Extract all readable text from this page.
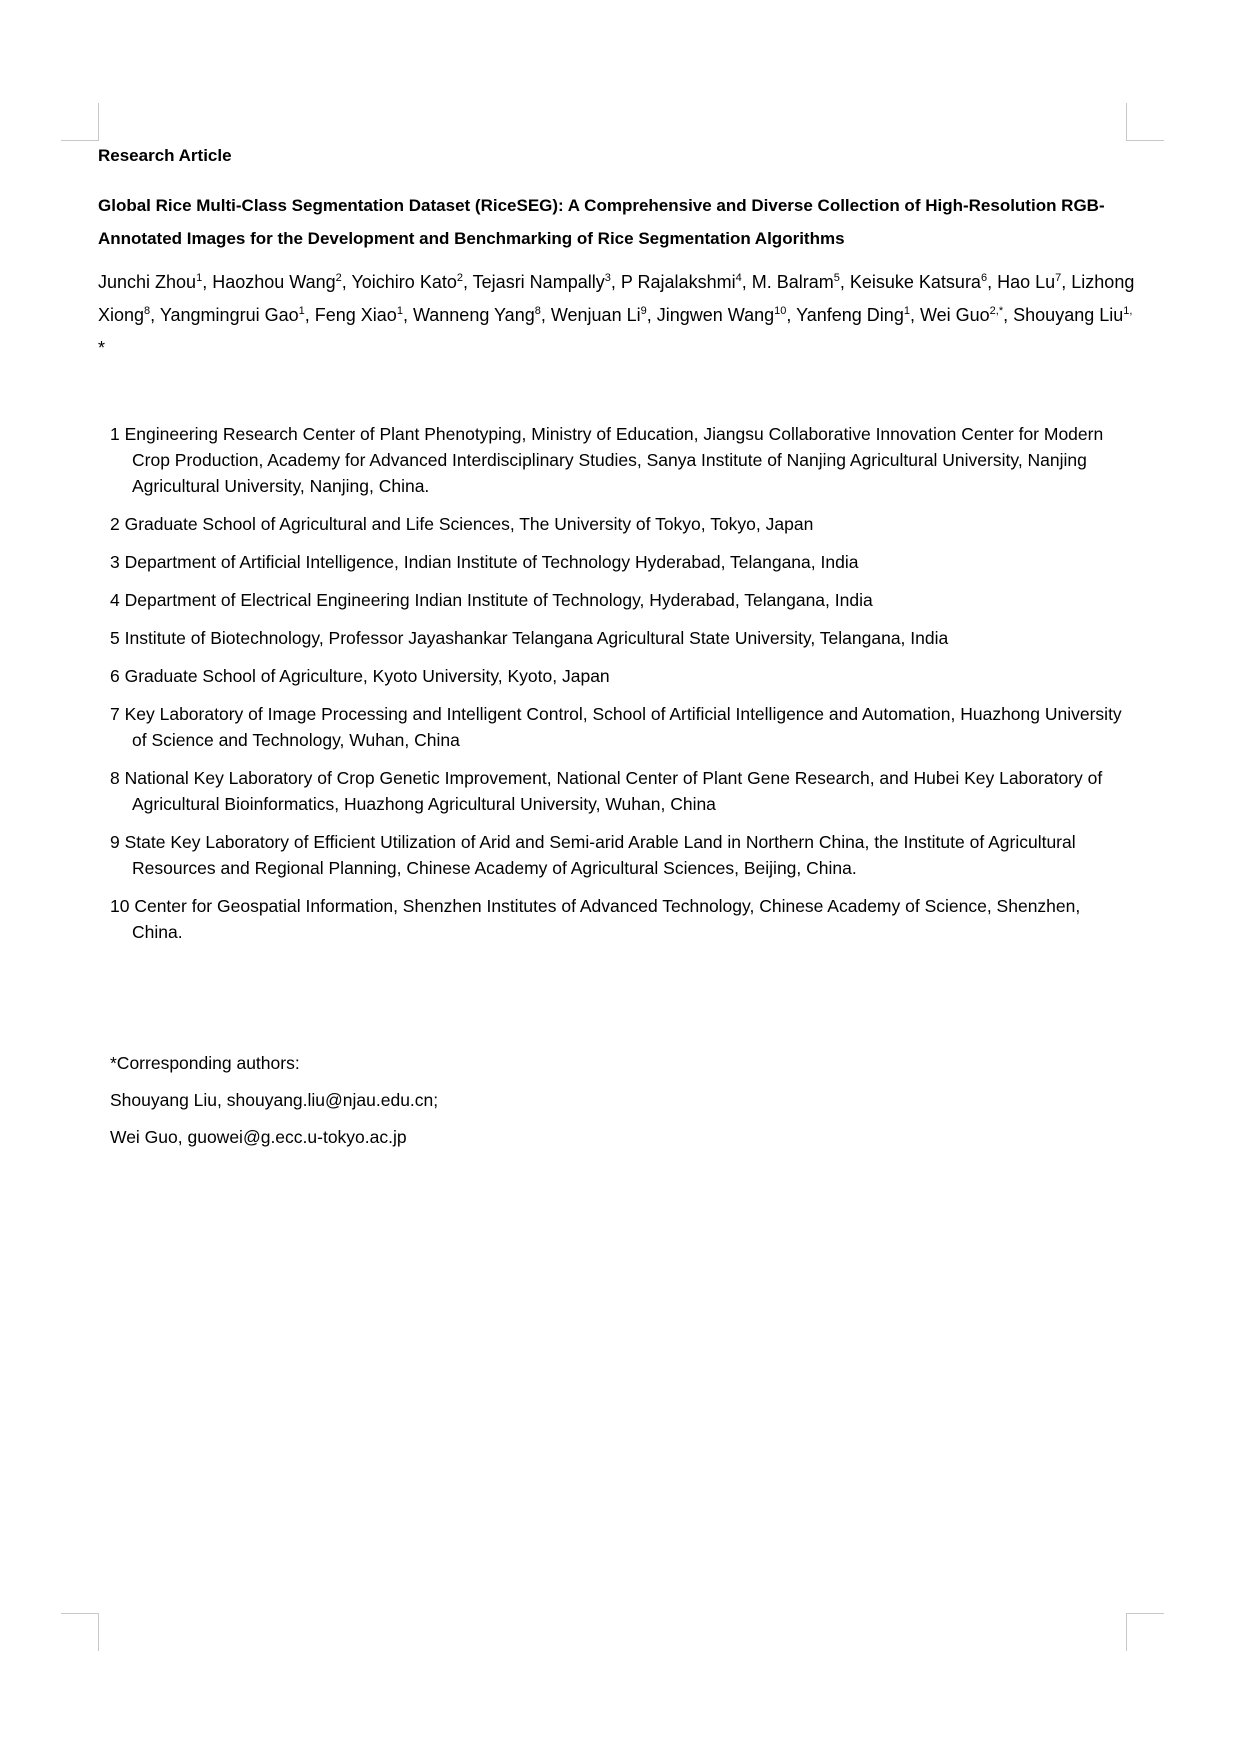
Research Article
Global Rice Multi-Class Segmentation Dataset (RiceSEG): A Comprehensive and Diverse Collection of High-Resolution RGB-Annotated Images for the Development and Benchmarking of Rice Segmentation Algorithms
Junchi Zhou$^1$, Haozhou Wang$^2$, Yoichiro Kato$^2$, Tejasri Nampally$^3$, P Rajalakshmi$^4$, M. Balram$^5$, Keisuke Katsura$^6$, Hao Lu$^7$, Lizhong Xiong$^8$, Yangmingrui Gao$^1$, Feng Xiao$^1$, Wanneng Yang$^8$, Wenjuan Li$^9$, Jingwen Wang$^{10}$, Yanfeng Ding$^1$, Wei Guo$^{2,*}$, Shouyang Liu$^{1,}$ *
1 Engineering Research Center of Plant Phenotyping, Ministry of Education, Jiangsu Collaborative Innovation Center for Modern Crop Production, Academy for Advanced Interdisciplinary Studies, Sanya Institute of Nanjing Agricultural University, Nanjing Agricultural University, Nanjing, China.
2 Graduate School of Agricultural and Life Sciences, The University of Tokyo, Tokyo, Japan
3 Department of Artificial Intelligence, Indian Institute of Technology Hyderabad, Telangana, India
4 Department of Electrical Engineering Indian Institute of Technology, Hyderabad, Telangana, India
5 Institute of Biotechnology, Professor Jayashankar Telangana Agricultural State University, Telangana, India
6 Graduate School of Agriculture, Kyoto University, Kyoto, Japan
7 Key Laboratory of Image Processing and Intelligent Control, School of Artificial Intelligence and Automation, Huazhong University of Science and Technology, Wuhan, China
8 National Key Laboratory of Crop Genetic Improvement, National Center of Plant Gene Research, and Hubei Key Laboratory of Agricultural Bioinformatics, Huazhong Agricultural University, Wuhan, China
9 State Key Laboratory of Efficient Utilization of Arid and Semi-arid Arable Land in Northern China, the Institute of Agricultural Resources and Regional Planning, Chinese Academy of Agricultural Sciences, Beijing, China.
10 Center for Geospatial Information, Shenzhen Institutes of Advanced Technology, Chinese Academy of Science, Shenzhen, China.
*Corresponding authors:
Shouyang Liu, shouyang.liu@njau.edu.cn;
Wei Guo, guowei@g.ecc.u-tokyo.ac.jp
